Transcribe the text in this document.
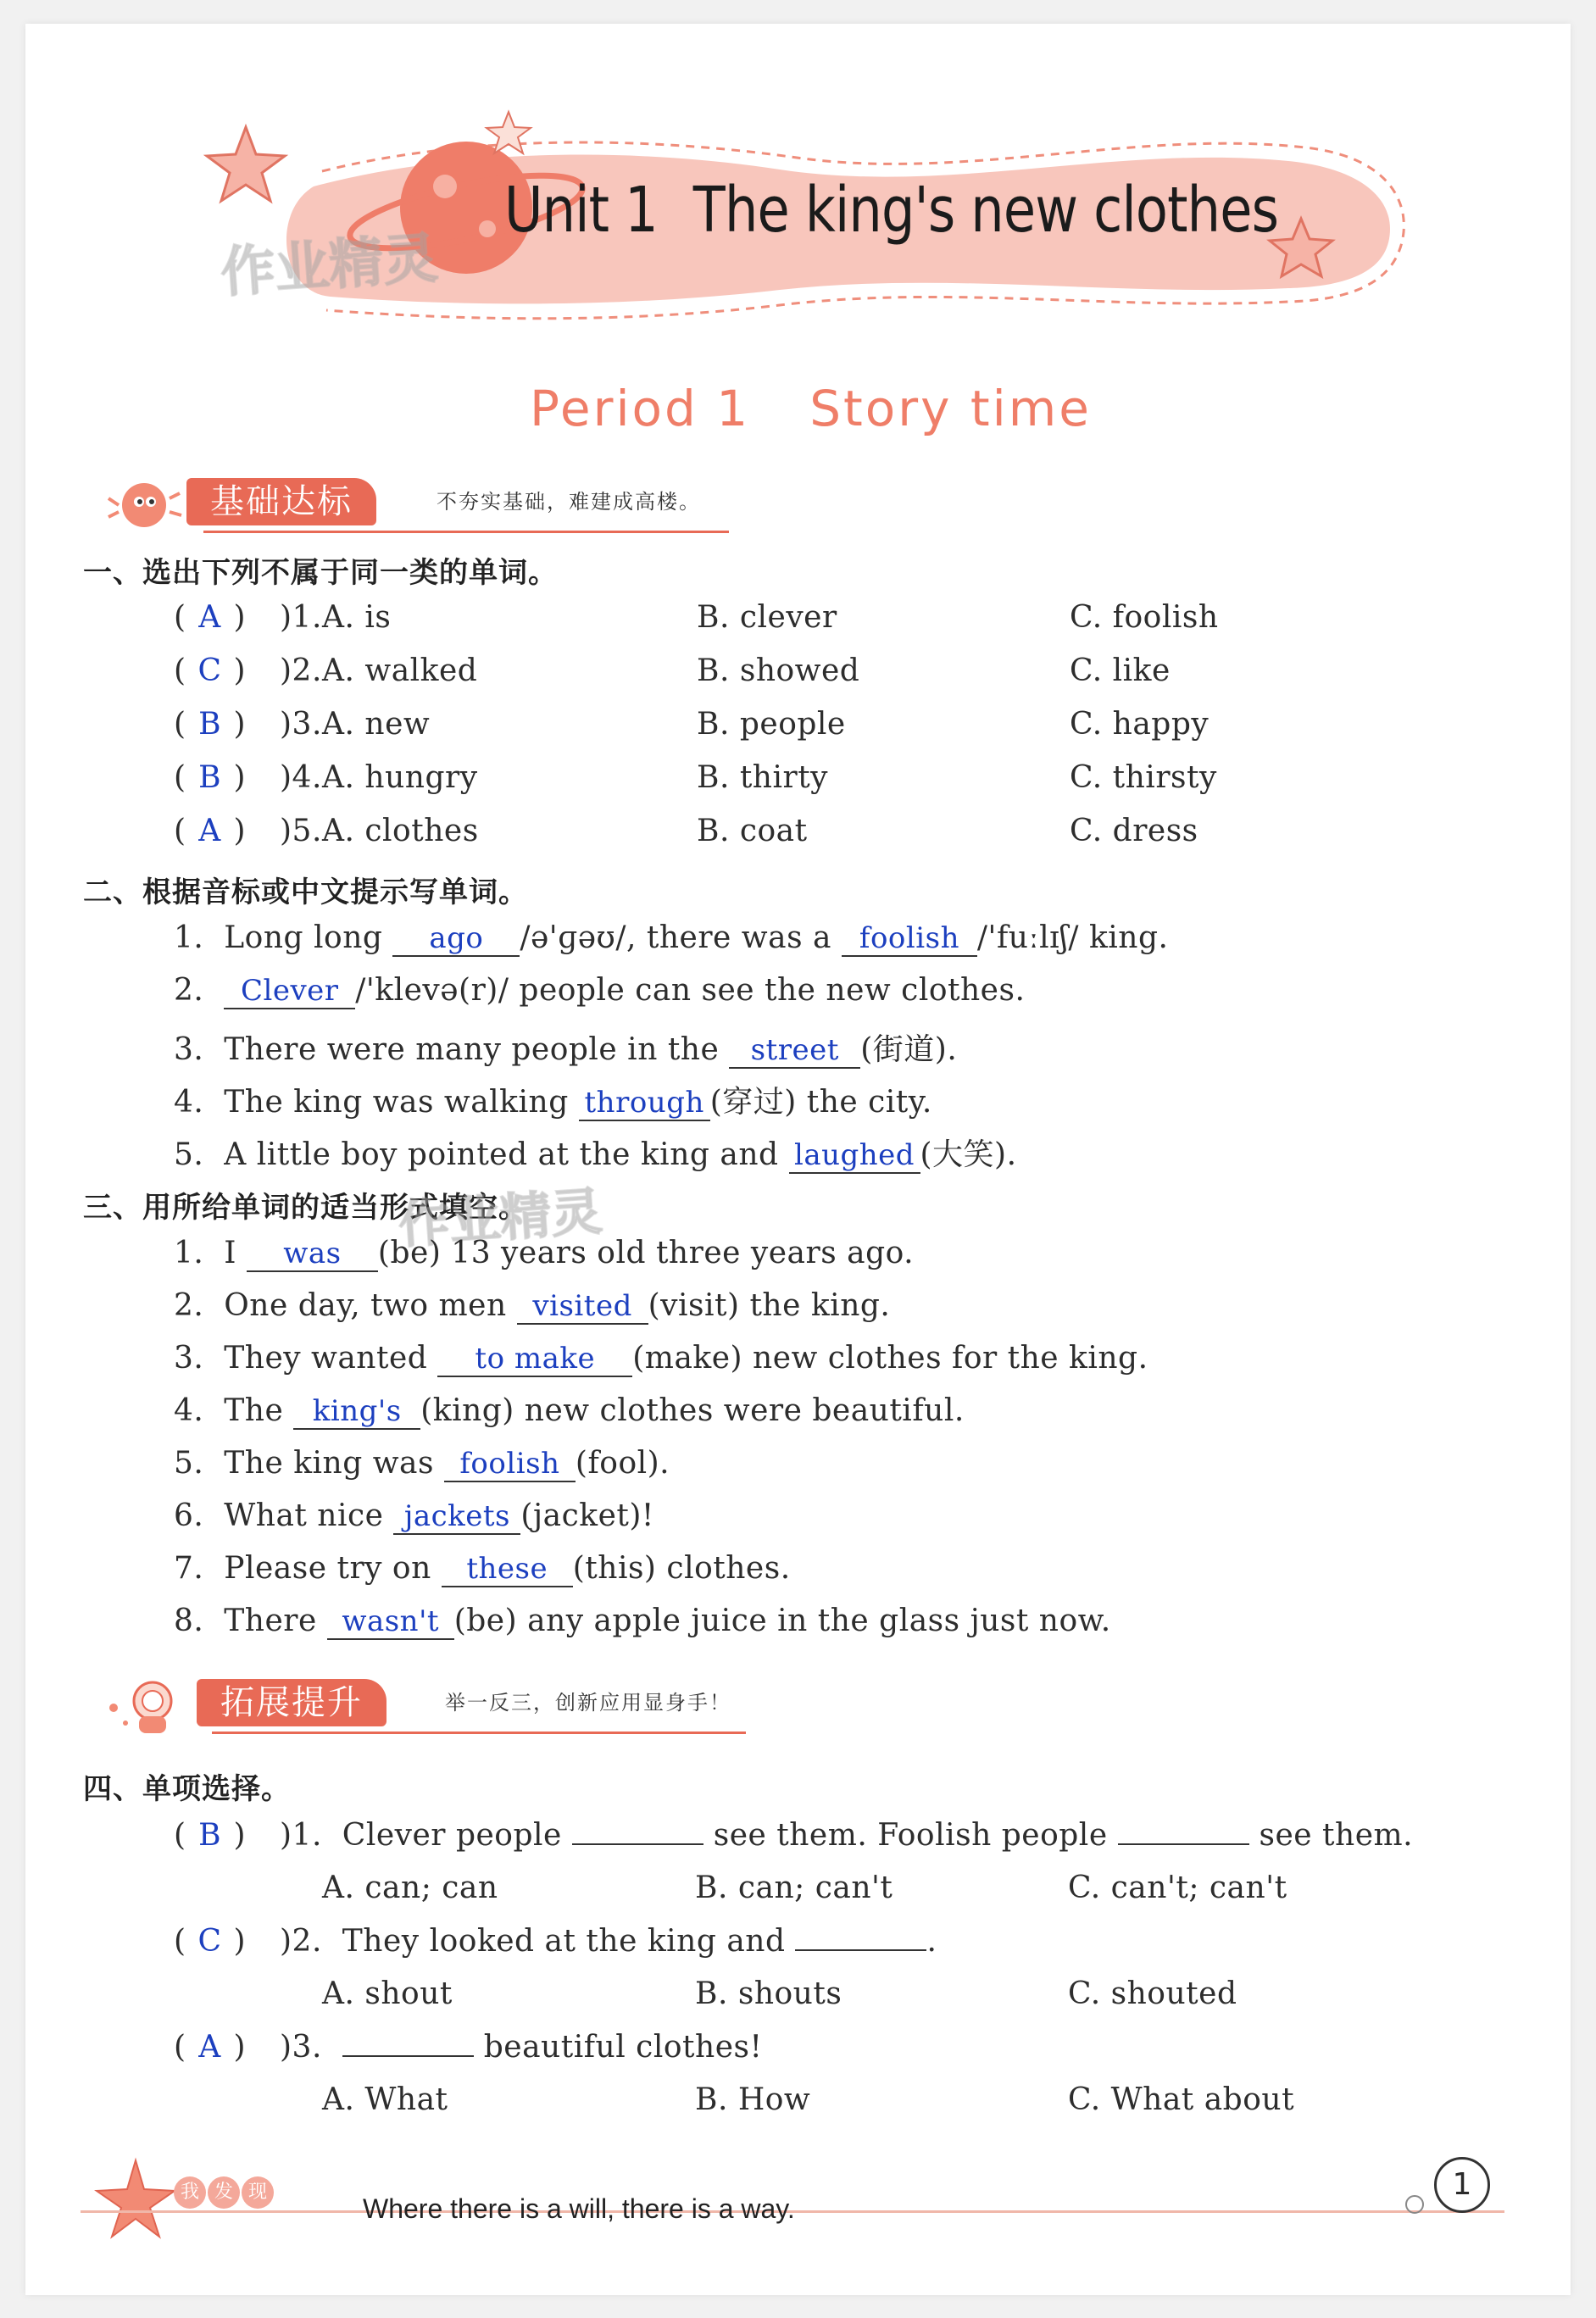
Unit 1 The king's new clothes
作业精灵
Period 1 Story time
基础达标	不夯实基础，难建成高楼。
一、选出下列不属于同一类的单词。
( A ) )1. A. is	B. clever	C. foolish
( C ) )2. A. walked	B. showed	C. like
( B ) )3. A. new	B. people	C. happy
( B ) )4. A. hungry	B. thirty	C. thirsty
( A ) )5. A. clothes	B. coat	C. dress
二、根据音标或中文提示写单词。
1. Long long ago /ə'ɡəʊ/, there was a foolish /'fuːlɪʃ/ king.
2. Clever /'klevə(r)/ people can see the new clothes.
3. There were many people in the street (街道).
4. The king was walking through (穿过) the city.
5. A little boy pointed at the king and laughed (大笑).
三、用所给单词的适当形式填空。
作业精灵
1. I was (be) 13 years old three years ago.
2. One day, two men visited (visit) the king.
3. They wanted to make (make) new clothes for the king.
4. The king's (king) new clothes were beautiful.
5. The king was foolish (fool).
6. What nice jackets (jacket)!
7. Please try on these (this) clothes.
8. There wasn't (be) any apple juice in the glass just now.
拓展提升	举一反三，创新应用显身手！
四、单项选择。
( B ) )1. Clever people	see them. Foolish people	see them.
A. can; can	B. can; can't	C. can't; can't
( C ) )2. They looked at the king and	.
A. shout	B. shouts	C. shouted
( A ) )3.	beautiful clothes!
A. What	B. How	C. What about
我 发 现
Where there is a will, there is a way.
1
